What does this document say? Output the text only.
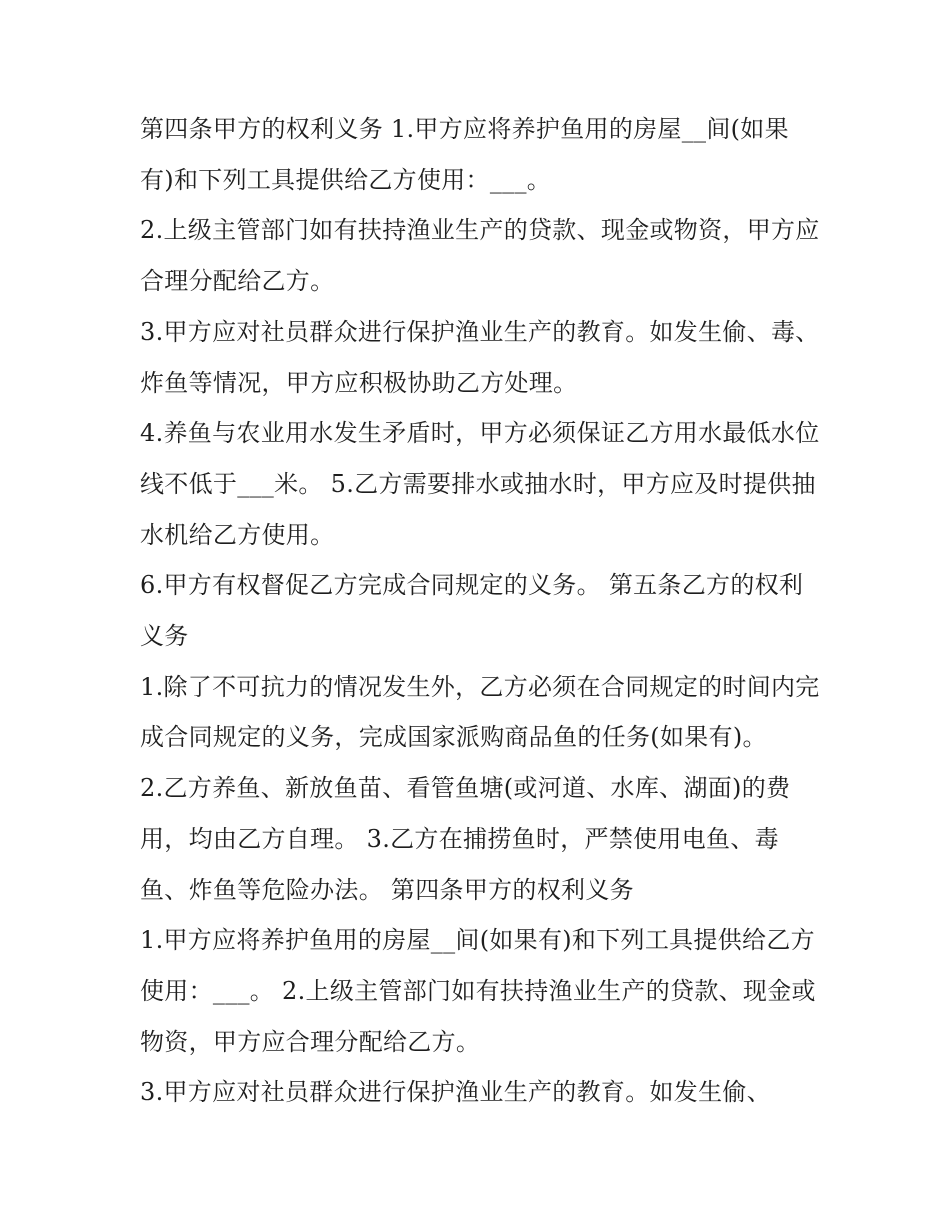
第四条甲方的权利义务 1.甲方应将养护鱼用的房屋__间(如果有)和下列工具提供给乙方使用：___。

2.上级主管部门如有扶持渔业生产的贷款、现金或物资，甲方应合理分配给乙方。

3.甲方应对社员群众进行保护渔业生产的教育。如发生偷、毒、炸鱼等情况，甲方应积极协助乙方处理。

4.养鱼与农业用水发生矛盾时，甲方必须保证乙方用水最低水位线不低于___米。 5.乙方需要排水或抽水时，甲方应及时提供抽水机给乙方使用。

6.甲方有权督促乙方完成合同规定的义务。 第五条乙方的权利义务

1.除了不可抗力的情况发生外，乙方必须在合同规定的时间内完成合同规定的义务，完成国家派购商品鱼的任务(如果有)。

2.乙方养鱼、新放鱼苗、看管鱼塘(或河道、水库、湖面)的费用，均由乙方自理。 3.乙方在捕捞鱼时，严禁使用电鱼、毒鱼、炸鱼等危险办法。 第四条甲方的权利义务

1.甲方应将养护鱼用的房屋__间(如果有)和下列工具提供给乙方使用：___。 2.上级主管部门如有扶持渔业生产的贷款、现金或物资，甲方应合理分配给乙方。

3.甲方应对社员群众进行保护渔业生产的教育。如发生偷、
